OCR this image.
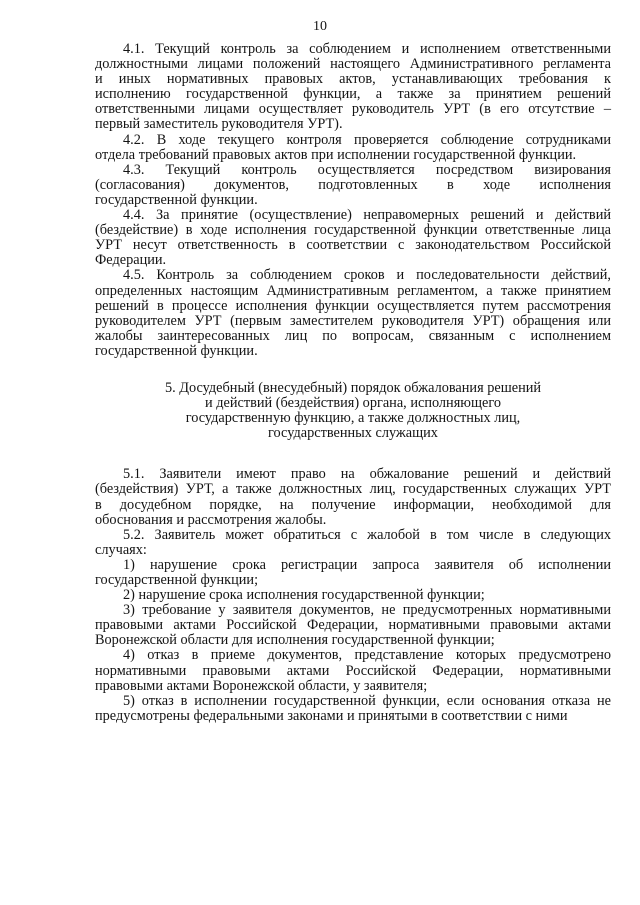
10
4.1. Текущий контроль за соблюдением и исполнением ответственными
должностными лицами положений настоящего Административного регламента
и иных нормативных правовых актов, устанавливающих требования к
исполнению государственной функции, а также за принятием решений
ответственными лицами осуществляет руководитель УРТ (в его отсутствие –
первый заместитель руководителя УРТ).
4.2. В ходе текущего контроля проверяется соблюдение сотрудниками
отдела требований правовых актов при исполнении государственной функции.
4.3. Текущий контроль осуществляется посредством визирования
(согласования) документов, подготовленных в ходе исполнения
государственной функции.
4.4. За принятие (осуществление) неправомерных решений и действий
(бездействие) в ходе исполнения государственной функции ответственные лица
УРТ несут ответственность в соответствии с законодательством Российской
Федерации.
4.5. Контроль за соблюдением сроков и последовательности действий,
определенных настоящим Административным регламентом, а также принятием
решений в процессе исполнения функции осуществляется путем рассмотрения
руководителем УРТ (первым заместителем руководителя УРТ) обращения или
жалобы заинтересованных лиц по вопросам, связанным с исполнением
государственной функции.
5. Досудебный (внесудебный) порядок обжалования решений
и действий (бездействия) органа, исполняющего
государственную функцию, а также должностных лиц,
государственных служащих
5.1. Заявители имеют право на обжалование решений и действий
(бездействия) УРТ, а также должностных лиц, государственных служащих УРТ
в досудебном порядке, на получение информации, необходимой для
обоснования и рассмотрения жалобы.
5.2. Заявитель может обратиться с жалобой в том числе в следующих
случаях:
1) нарушение срока регистрации запроса заявителя об исполнении
государственной функции;
2) нарушение срока исполнения государственной функции;
3) требование у заявителя документов, не предусмотренных нормативными
правовыми актами Российской Федерации, нормативными правовыми актами
Воронежской области для исполнения государственной функции;
4) отказ в приеме документов, представление которых предусмотрено
нормативными правовыми актами Российской Федерации, нормативными
правовыми актами Воронежской области, у заявителя;
5) отказ в исполнении государственной функции, если основания отказа не
предусмотрены федеральными законами и принятыми в соответствии с ними
